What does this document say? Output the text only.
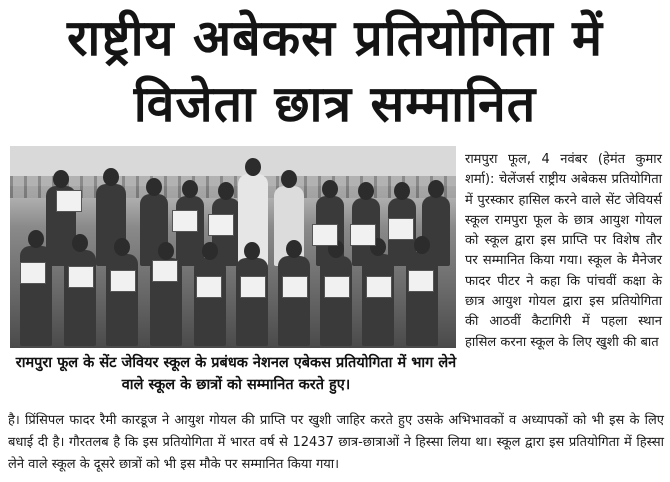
राष्ट्रीय अबेकस प्रतियोगिता में
विजेता छात्र सम्मानित
रामपुरा फूल के सेंट जेवियर स्कूल के प्रबंधक नेशनल एबेकस प्रतियोगिता में भाग लेने वाले स्कूल के छात्रों को सम्मानित करते हुए।
रामपुरा फूल, 4 नवंबर (हेमंत कुमार शर्मा): चेलेंजर्स राष्ट्रीय अबेकस प्रतियोगिता में पुरस्कार हासिल करने वाले सेंट जेवियर्स स्कूल रामपुरा फूल के छात्र आयुश गोयल को स्कूल द्वारा इस प्राप्ति पर विशेष तौर पर सम्मानित किया गया। स्कूल के मैनेजर फादर पीटर ने कहा कि पांचवीं कक्षा के छात्र आयुश गोयल द्वारा इस प्रतियोगिता की आठवीं कैटागिरी में पहला स्थान हासिल करना स्कूल के लिए खुशी की बात
है। प्रिंसिपल फादर रैमी कारडूज ने आयुश गोयल की प्राप्ति पर खुशी जाहिर करते हुए उसके अभिभावकों व अध्यापकों को भी इस के लिए बधाई दी है। गौरतलब है कि इस प्रतियोगिता में भारत वर्ष से 12437 छात्र-छात्राओं ने हिस्सा लिया था। स्कूल द्वारा इस प्रतियोगिता में हिस्सा लेने वाले स्कूल के दूसरे छात्रों को भी इस मौके पर सम्मानित किया गया।
